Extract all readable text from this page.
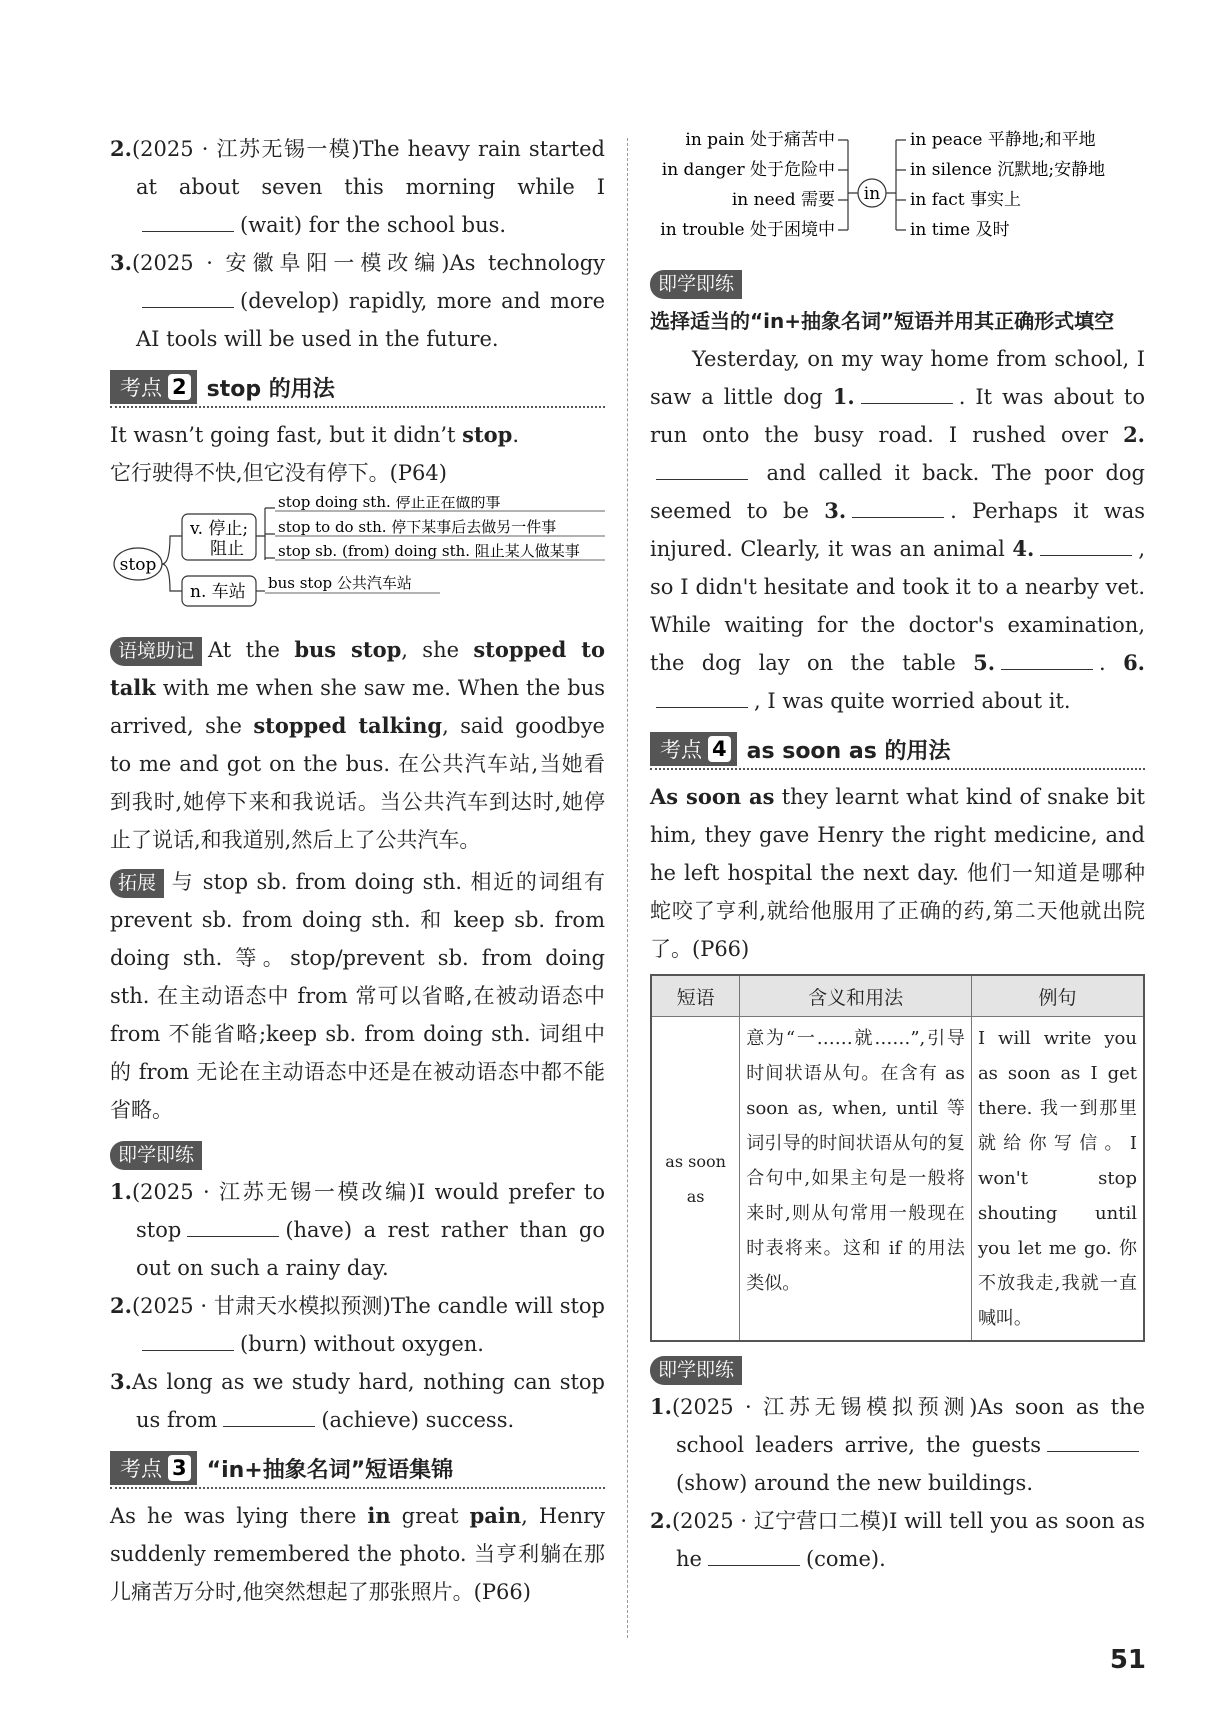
2.(2025 · 江苏无锡一模)The heavy rain started at about seven this morning while I(wait) for the school bus.

3.(2025 · 安徽阜阳一模改编)As technology(develop) rapidly, more and more AI tools will be used in the future.

考点 2 stop 的用法

It wasn’t going fast, but it didn’t stop.

它行驶得不快,但它没有停下。(P64)

stop
v. 停止;
阻止
stop doing sth. 停止正在做的事
stop to do sth. 停下某事后去做另一件事
stop sb. (from) doing sth. 阻止某人做某事
n. 车站 bus stop 公共汽车站

语境助记 At the bus stop, she stopped to talk with me when she saw me. When the bus arrived, she stopped talking, said goodbye to me and got on the bus. 在公共汽车站,当她看到我时,她停下来和我说话。当公共汽车到达时,她停止了说话,和我道别,然后上了公共汽车。

拓展 与 stop sb. from doing sth. 相近的词组有 prevent sb. from doing sth. 和 keep sb. from doing sth. 等。stop/prevent sb. from doing sth. 在主动语态中 from 常可以省略,在被动语态中 from 不能省略;keep sb. from doing sth. 词组中的 from 无论在主动语态中还是在被动语态中都不能省略。

即学即练

1.(2025 · 江苏无锡一模改编)I would prefer to stop	(have) a rest rather than go out on such a rainy day.

2.(2025 · 甘肃天水模拟预测)The candle will stop(burn) without oxygen.

3.As long as we study hard, nothing can stop us from	(achieve) success.

考点 3 “in+抽象名词”短语集锦

As he was lying there in great pain, Henry suddenly remembered the photo. 当亨利躺在那儿痛苦万分时,他突然想起了那张照片。(P66)

in
in pain 处于痛苦中
in danger 处于危险中
in need 需要
in trouble 处于困境中
in peace 平静地;和平地
in silence 沉默地;安静地
in fact 事实上
in time 及时

即学即练

选择适当的“in+抽象名词”短语并用其正确形式填空

Yesterday, on my way home from school, I saw a little dog 1.	. It was about to run onto the busy road. I rushed over 2. and called it back. The poor dog seemed to be 3.	. Perhaps it was injured. Clearly, it was an animal 4.	, so I didn't hesitate and took it to a nearby vet. While waiting for the doctor's examination, the dog lay on the table 5.	. 6., I was quite worried about it.

考点 4 as soon as 的用法

As soon as they learnt what kind of snake bit him, they gave Henry the right medicine, and he left hospital the next day. 他们一知道是哪种蛇咬了亨利,就给他服用了正确的药,第二天他就出院了。(P66)

短语	含义和用法	例句
as soon as	意为“一……就……”,引导时间状语从句。在含有 as soon as, when, until 等词引导的时间状语从句的复合句中,如果主句是一般将来时,则从句常用一般现在时表将来。这和 if 的用法类似。	I will write you as soon as I get there. 我一到那里就给你写信。I won't stop shouting until you let me go. 你不放我走,我就一直喊叫。

即学即练

1.(2025 · 江苏无锡模拟预测)As soon as the school leaders arrive, the guests(show) around the new buildings.

2.(2025 · 辽宁营口二模)I will tell you as soon as he	(come).

51
